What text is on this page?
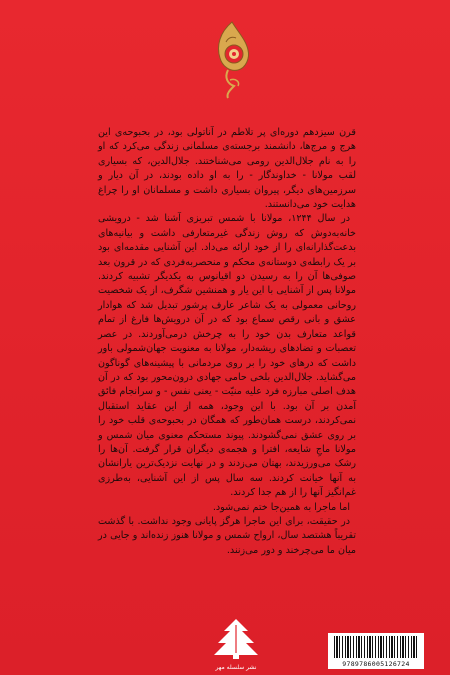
قرن سیزدهم دوره‌ای پر تلاطم در آناتولی بود، در بحبوحه‌ی این هرج و مرج‌ها، دانشمند برجسته‌ی مسلمانی زندگی می‌کرد که او را به نام جلال‌الدین رومی می‌شناختند. جلال‌الدین، که بسیاری لقب مولانا - خداوندگار - را به او داده بودند، در آن دیار و سرزمین‌های دیگر، پیروان بسیاری داشت و مسلمانان او را چراغ هدایت خود می‌دانستند.

در سال ۱۲۴۴، مولانا با شمس تبریزی آشنا شد - درویشی خانه‌به‌دوش که روش زندگی غیرمتعارفی داشت و بیانیه‌های بدعت‌گذارانه‌ای را از خود ارائه می‌داد. این آشنایی مقدمه‌ای بود بر یک رابطه‌ی دوستانه‌ی محکم و منحصربه‌فردی که در قرون بعد صوفی‌ها آن را به رسیدن دو اقیانوس به یکدیگر تشبیه کردند. مولانا پس از آشنایی با این یار و همنشین شگرف، از یک شخصیت روحانی معمولی به یک شاعر عارف پرشور تبدیل شد که هوادار عشق و بانی رقص سماع بود که در آن درویش‌ها فارغ از تمام قواعد متعارف بدن خود را به چرخش درمی‌آوردند. در عصر تعصبات و تضادهای ریشه‌دار، مولانا به معنویت جهان‌شمولی باور داشت که درهای خود را بر روی مردمانی با پیشینه‌های گوناگون می‌گشاید. جلال‌الدین بلخی حامی جهادی درون‌محور بود که در آن هدف اصلی مبارزه فرد علیه منیّت - یعنی نفس - و سرانجام فائق آمدن بر آن بود. با این وجود، همه از این عقاید استقبال نمی‌کردند، درست همان‌طور که همگان در بحبوحه‌ی قلب خود را بر روی عشق نمی‌گشودند. پیوند مستحکم معنوی میان شمس و مولانا ماجِ شایعه، افترا و هجمه‌ی دیگران قرار گرفت. آن‌ها را رشک می‌ورزیدند، بهتان می‌زدند و در نهایت نزدیک‌ترین یارانشان به آنها خیانت کردند. سه سال پس از این آشنایی، به‌طرزی غم‌انگیز آنها را از هم جدا کردند.

اما ماجرا به همین‌جا ختم نمی‌شود.

در حقیقت، برای این ماجرا هرگز پایانی وجود نداشت. با گذشت تقریباً هشتصد سال، ارواح شمس و مولانا هنوز زنده‌اند و جایی در میان ما می‌چرخند و دور می‌زنند.

نشر سلسله مهر	9789786005126724
